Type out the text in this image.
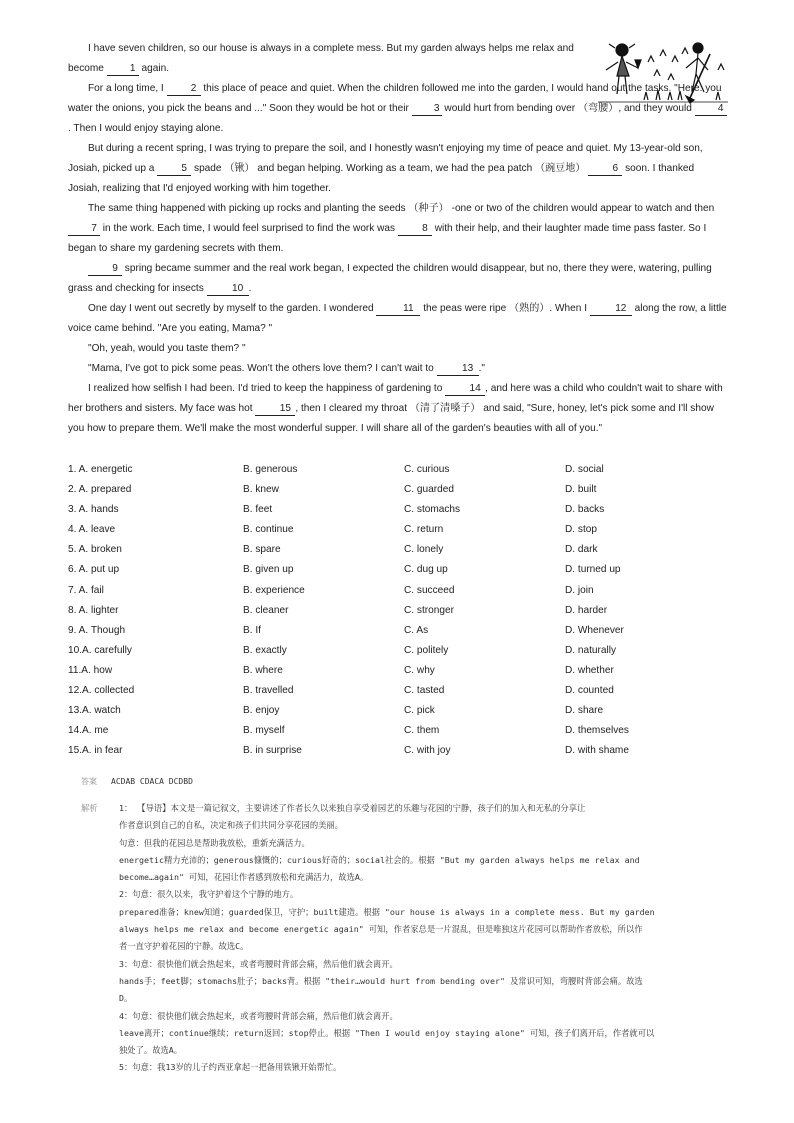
I have seven children, so our house is always in a complete mess. But my garden always helps me relax and become 1 again.

For a long time, I 2 this place of peace and quiet. When the children followed me into the garden, I would hand out the tasks. "Here: you water the onions, you pick the beans and ..." Soon they would be hot or their 3 would hurt from bending over （弯腰）, and they would 4. Then I would enjoy staying alone.

But during a recent spring, I was trying to prepare the soil, and I honestly wasn't enjoying my time of peace and quiet. My 13-year-old son, Josiah, picked up a 5 spade （锹） and began helping. Working as a team, we had the pea patch （豌豆地） 6 soon. I thanked Josiah, realizing that I'd enjoyed working with him together.

The same thing happened with picking up rocks and planting the seeds （种子） -one or two of the children would appear to watch and then 7 in the work. Each time, I would feel surprised to find the work was 8 with their help, and their laughter made time pass faster. So I began to share my gardening secrets with them.

9 spring became summer and the real work began, I expected the children would disappear, but no, there they were, watering, pulling grass and checking for insects	10 .

One day I went out secretly by myself to the garden. I wondered	11 the peas were ripe （熟的）. When I	12 along the row, a little voice came behind. "Are you eating, Mama? "

"Oh, yeah, would you taste them? "

"Mama, I've got to pick some peas. Won't the others love them? I can't wait to	13 ."

I realized how selfish I had been. I'd tried to keep the happiness of gardening to 14 , and here was a child who couldn't wait to share with her brothers and sisters. My face was hot 15 , then I cleared my throat （清了清嗓子） and said, "Sure, honey, let's pick some and I'll show you how to prepare them. We'll make the most wonderful supper. I will share all of the garden's beauties with all of you."

1. A. energetic	B. generous	C. curious	D. social
2. A. prepared	B. knew	C. guarded	D. built
3. A. hands	B. feet	C. stomachs	D. backs
4. A. leave	B. continue	C. return	D. stop
5. A. broken	B. spare	C. lonely	D. dark
6. A. put up	B. given up	C. dug up	D. turned up
7. A. fail	B. experience	C. succeed	D. join
8. A. lighter	B. cleaner	C. stronger	D. harder
9. A. Though	B. If	C. As	D. Whenever
10.A. carefully	B. exactly	C. politely	D. naturally
11.A. how	B. where	C. why	D. whether
12.A. collected	B. travelled	C. tasted	D. counted
13.A. watch	B. enjoy	C. pick	D. share
14.A. me	B. myself	C. them	D. themselves
15.A. in fear	B. in surprise	C. with joy	D. with shame
答案 ACDAB CDACA DCDBD

解析	1： 【导语】本文是一篇记叙文，主要讲述了作者长久以来独自享受着园艺的乐趣与花园的宁静，孩子们的加入和无私的分享让

作者意识到自己的自私，决定和孩子们共同分享花园的美丽。

句意：但我的花园总是帮助我放松，重新充满活力。

energetic精力充沛的；generous慷慨的；curious好奇的；social社会的。根据 "But my garden always helps me relax and

become…again" 可知，花园让作者感到放松和充满活力，故选A。

2：句意：很久以来，我守护着这个宁静的地方。

prepared准备；knew知道；guarded保卫，守护；built建造。根据 "our house is always in a complete mess. But my garden

always helps me relax and become energetic again" 可知，作者家总是一片混乱，但是唯独这片花园可以帮助作者放松，所以作

者一直守护着花园的宁静。故选C。

3：句意：很快他们就会热起来，或者弯腰时背部会痛，然后他们就会离开。

hands手；feet脚；stomachs肚子；backs背。根据 "their…would hurt from bending over" 及常识可知，弯腰时背部会痛。故选

D。

4：句意：很快他们就会热起来，或者弯腰时背部会痛，然后他们就会离开。

leave离开；continue继续；return返回；stop停止。根据 "Then I would enjoy staying alone" 可知，孩子们离开后，作者就可以

独处了。故选A。

5：句意：我13岁的儿子约西亚拿起一把备用铁锹开始帮忙。
